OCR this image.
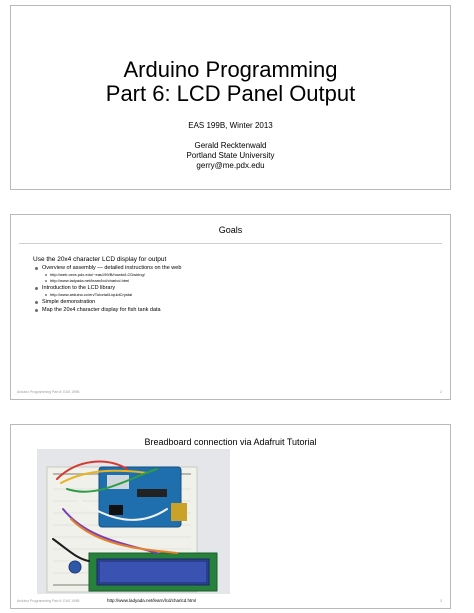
Arduino Programming
Part 6: LCD Panel Output
EAS 199B, Winter 2013
Gerald Recktenwald
Portland State University
gerry@me.pdx.edu
Goals
Use the 20x4 character LCD display for output
Overview of assembly — detailed instructions on the web
http://web.cecs.pdx.edu/~eas199/B/howto/LCDwiring/
http://www.ladyada.net/learn/lcd/charlcd.html
Introduction to the LCD library
http://www.arduino.cc/en/Tutorial/LiquidCrystal
Simple demonstration
Map the 20x4 character display for fish tank data
Arduino Programming Part 6: EAS 199B	2
Breadboard connection via Adafruit Tutorial
Arduino Programming Part 6: EAS 199B	http://www.ladyada.net/learn/lcd/charlcd.html	3
